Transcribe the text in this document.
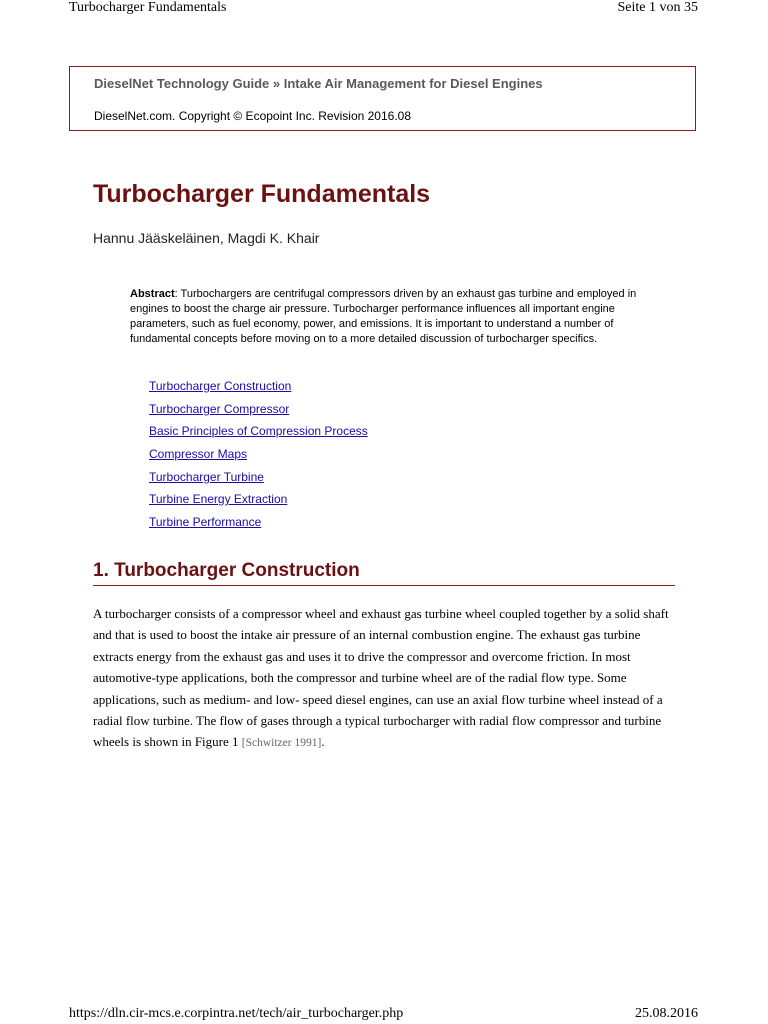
Turbocharger Fundamentals	Seite 1 von 35
DieselNet Technology Guide » Intake Air Management for Diesel Engines
DieselNet.com. Copyright © Ecopoint Inc. Revision 2016.08
Turbocharger Fundamentals
Hannu Jääskeläinen, Magdi K. Khair
Abstract: Turbochargers are centrifugal compressors driven by an exhaust gas turbine and employed in engines to boost the charge air pressure. Turbocharger performance influences all important engine parameters, such as fuel economy, power, and emissions. It is important to understand a number of fundamental concepts before moving on to a more detailed discussion of turbocharger specifics.
Turbocharger Construction
Turbocharger Compressor
Basic Principles of Compression Process
Compressor Maps
Turbocharger Turbine
Turbine Energy Extraction
Turbine Performance
1. Turbocharger Construction

A turbocharger consists of a compressor wheel and exhaust gas turbine wheel coupled together by a solid shaft and that is used to boost the intake air pressure of an internal combustion engine. The exhaust gas turbine extracts energy from the exhaust gas and uses it to drive the compressor and overcome friction. In most automotive-type applications, both the compressor and turbine wheel are of the radial flow type. Some applications, such as medium- and low- speed diesel engines, can use an axial flow turbine wheel instead of a radial flow turbine. The flow of gases through a typical turbocharger with radial flow compressor and turbine wheels is shown in Figure 1 [Schwitzer 1991].

https://dln.cir-mcs.e.corpintra.net/tech/air_turbocharger.php	25.08.2016
